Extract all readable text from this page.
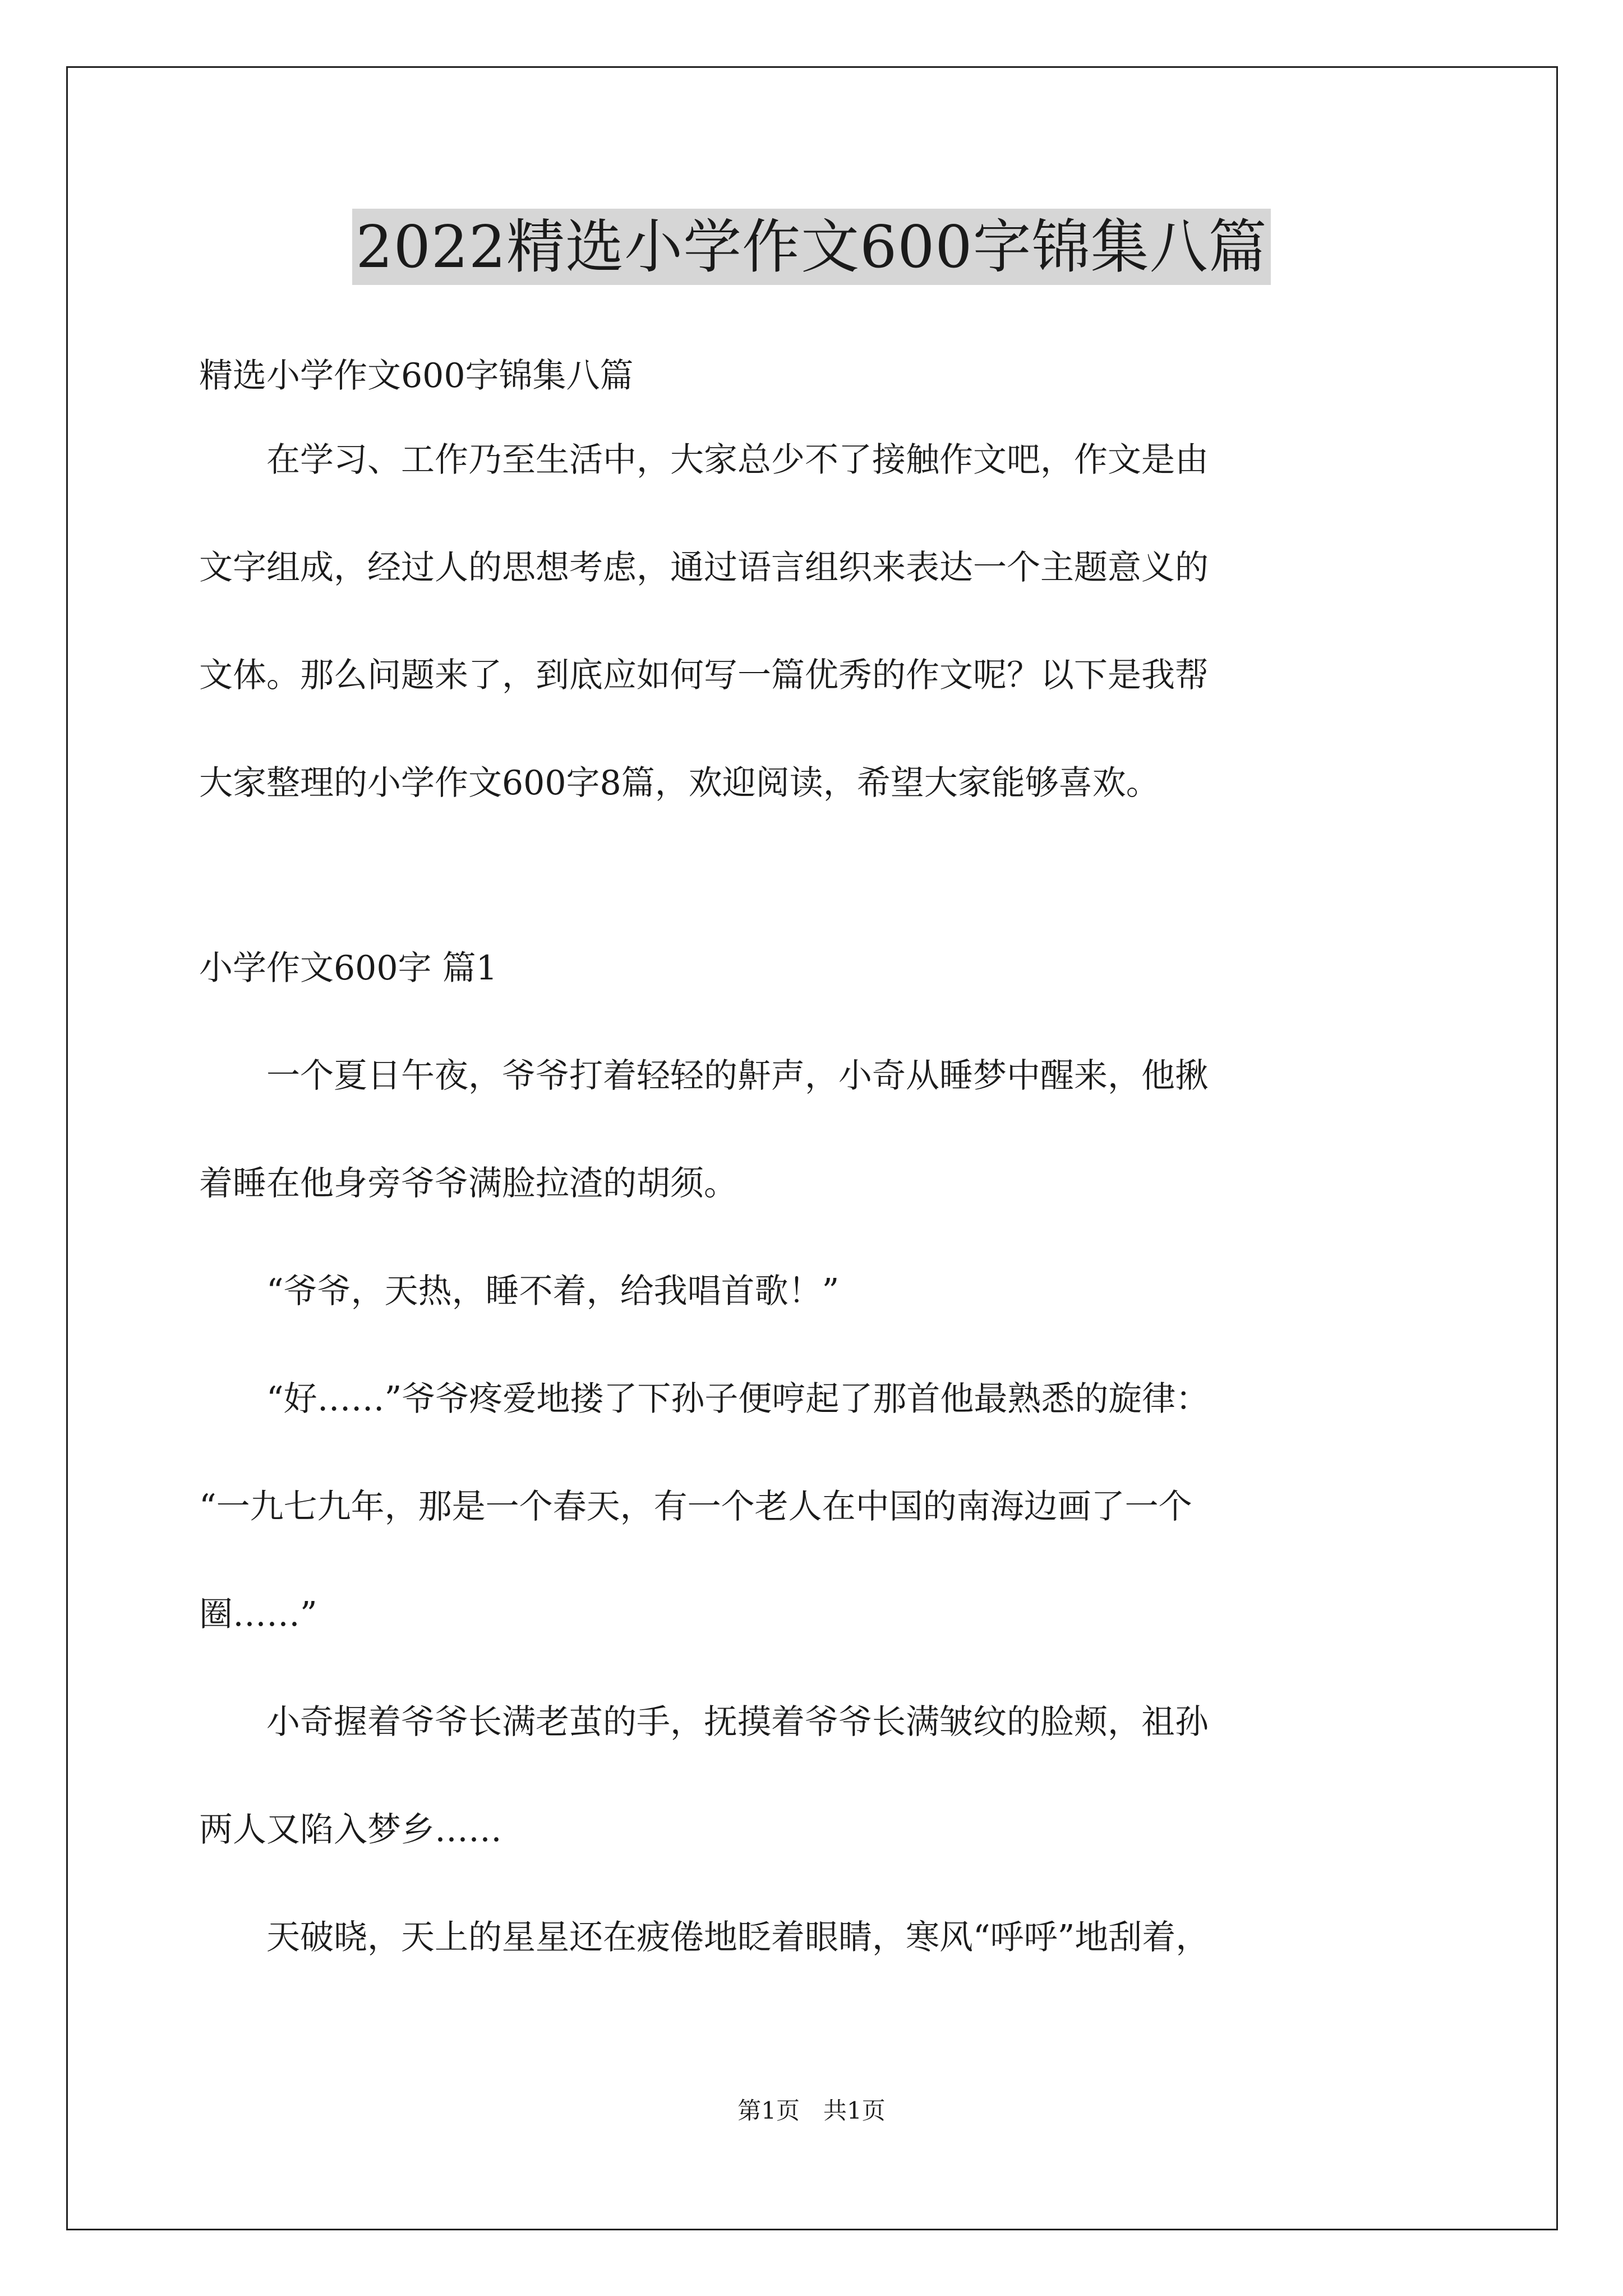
2022精选小学作文600字锦集八篇

精选小学作文600字锦集八篇

　　在学习、工作乃至生活中，大家总少不了接触作文吧，作文是由

文字组成，经过人的思想考虑，通过语言组织来表达一个主题意义的

文体。那么问题来了，到底应如何写一篇优秀的作文呢？以下是我帮

大家整理的小学作文600字8篇，欢迎阅读，希望大家能够喜欢。

小学作文600字 篇1

　　一个夏日午夜，爷爷打着轻轻的鼾声，小奇从睡梦中醒来，他揪

着睡在他身旁爷爷满脸拉渣的胡须。

　　“爷爷，天热，睡不着，给我唱首歌！”

　　“好……”爷爷疼爱地搂了下孙子便哼起了那首他最熟悉的旋律：

“一九七九年，那是一个春天，有一个老人在中国的南海边画了一个

圈……”

　　小奇握着爷爷长满老茧的手，抚摸着爷爷长满皱纹的脸颊，祖孙

两人又陷入梦乡……

　　天破晓，天上的星星还在疲倦地眨着眼睛，寒风“呼呼”地刮着，

第1页　共1页
